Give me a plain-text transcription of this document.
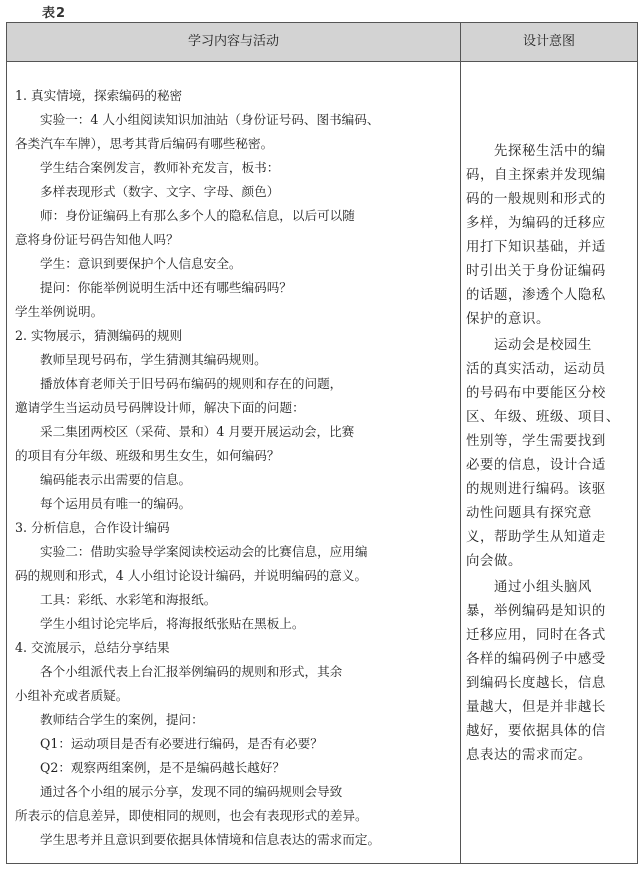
表2
学习内容与活动	设计意图
1. 真实情境，探索编码的秘密
实验一：4 人小组阅读知识加油站（身份证号码、图书编码、
各类汽车车牌），思考其背后编码有哪些秘密。
学生结合案例发言，教师补充发言，板书：
多样表现形式（数字、文字、字母、颜色）
师：身份证编码上有那么多个人的隐私信息，以后可以随
意将身份证号码告知他人吗？
学生：意识到要保护个人信息安全。
提问：你能举例说明生活中还有哪些编码吗？
学生举例说明。
2. 实物展示，猜测编码的规则
教师呈现号码布，学生猜测其编码规则。
播放体育老师关于旧号码布编码的规则和存在的问题，
邀请学生当运动员号码牌设计师，解决下面的问题：
采二集团两校区（采荷、景和）4 月要开展运动会，比赛
的项目有分年级、班级和男生女生，如何编码？
编码能表示出需要的信息。
每个运用员有唯一的编码。
3. 分析信息，合作设计编码
实验二：借助实验导学案阅读校运动会的比赛信息，应用编
码的规则和形式，4 人小组讨论设计编码，并说明编码的意义。
工具：彩纸、水彩笔和海报纸。
学生小组讨论完毕后，将海报纸张贴在黑板上。
4. 交流展示，总结分享结果
各个小组派代表上台汇报举例编码的规则和形式，其余
小组补充或者质疑。
教师结合学生的案例，提问：
Q1：运动项目是否有必要进行编码，是否有必要？
Q2：观察两组案例，是不是编码越长越好？
通过各个小组的展示分享，发现不同的编码规则会导致
所表示的信息差异，即使相同的规则，也会有表现形式的差异。
学生思考并且意识到要依据具体情境和信息表达的需求而定。
先探秘生活中的编
码，自主探索并发现编
码的一般规则和形式的
多样，为编码的迁移应
用打下知识基础，并适
时引出关于身份证编码
的话题，渗透个人隐私
保护的意识。
运动会是校园生
活的真实活动，运动员
的号码布中要能区分校
区、年级、班级、项目、
性别等，学生需要找到
必要的信息，设计合适
的规则进行编码。该驱
动性问题具有探究意
义，帮助学生从知道走
向会做。
通过小组头脑风
暴，举例编码是知识的
迁移应用，同时在各式
各样的编码例子中感受
到编码长度越长，信息
量越大，但是并非越长
越好，要依据具体的信
息表达的需求而定。
